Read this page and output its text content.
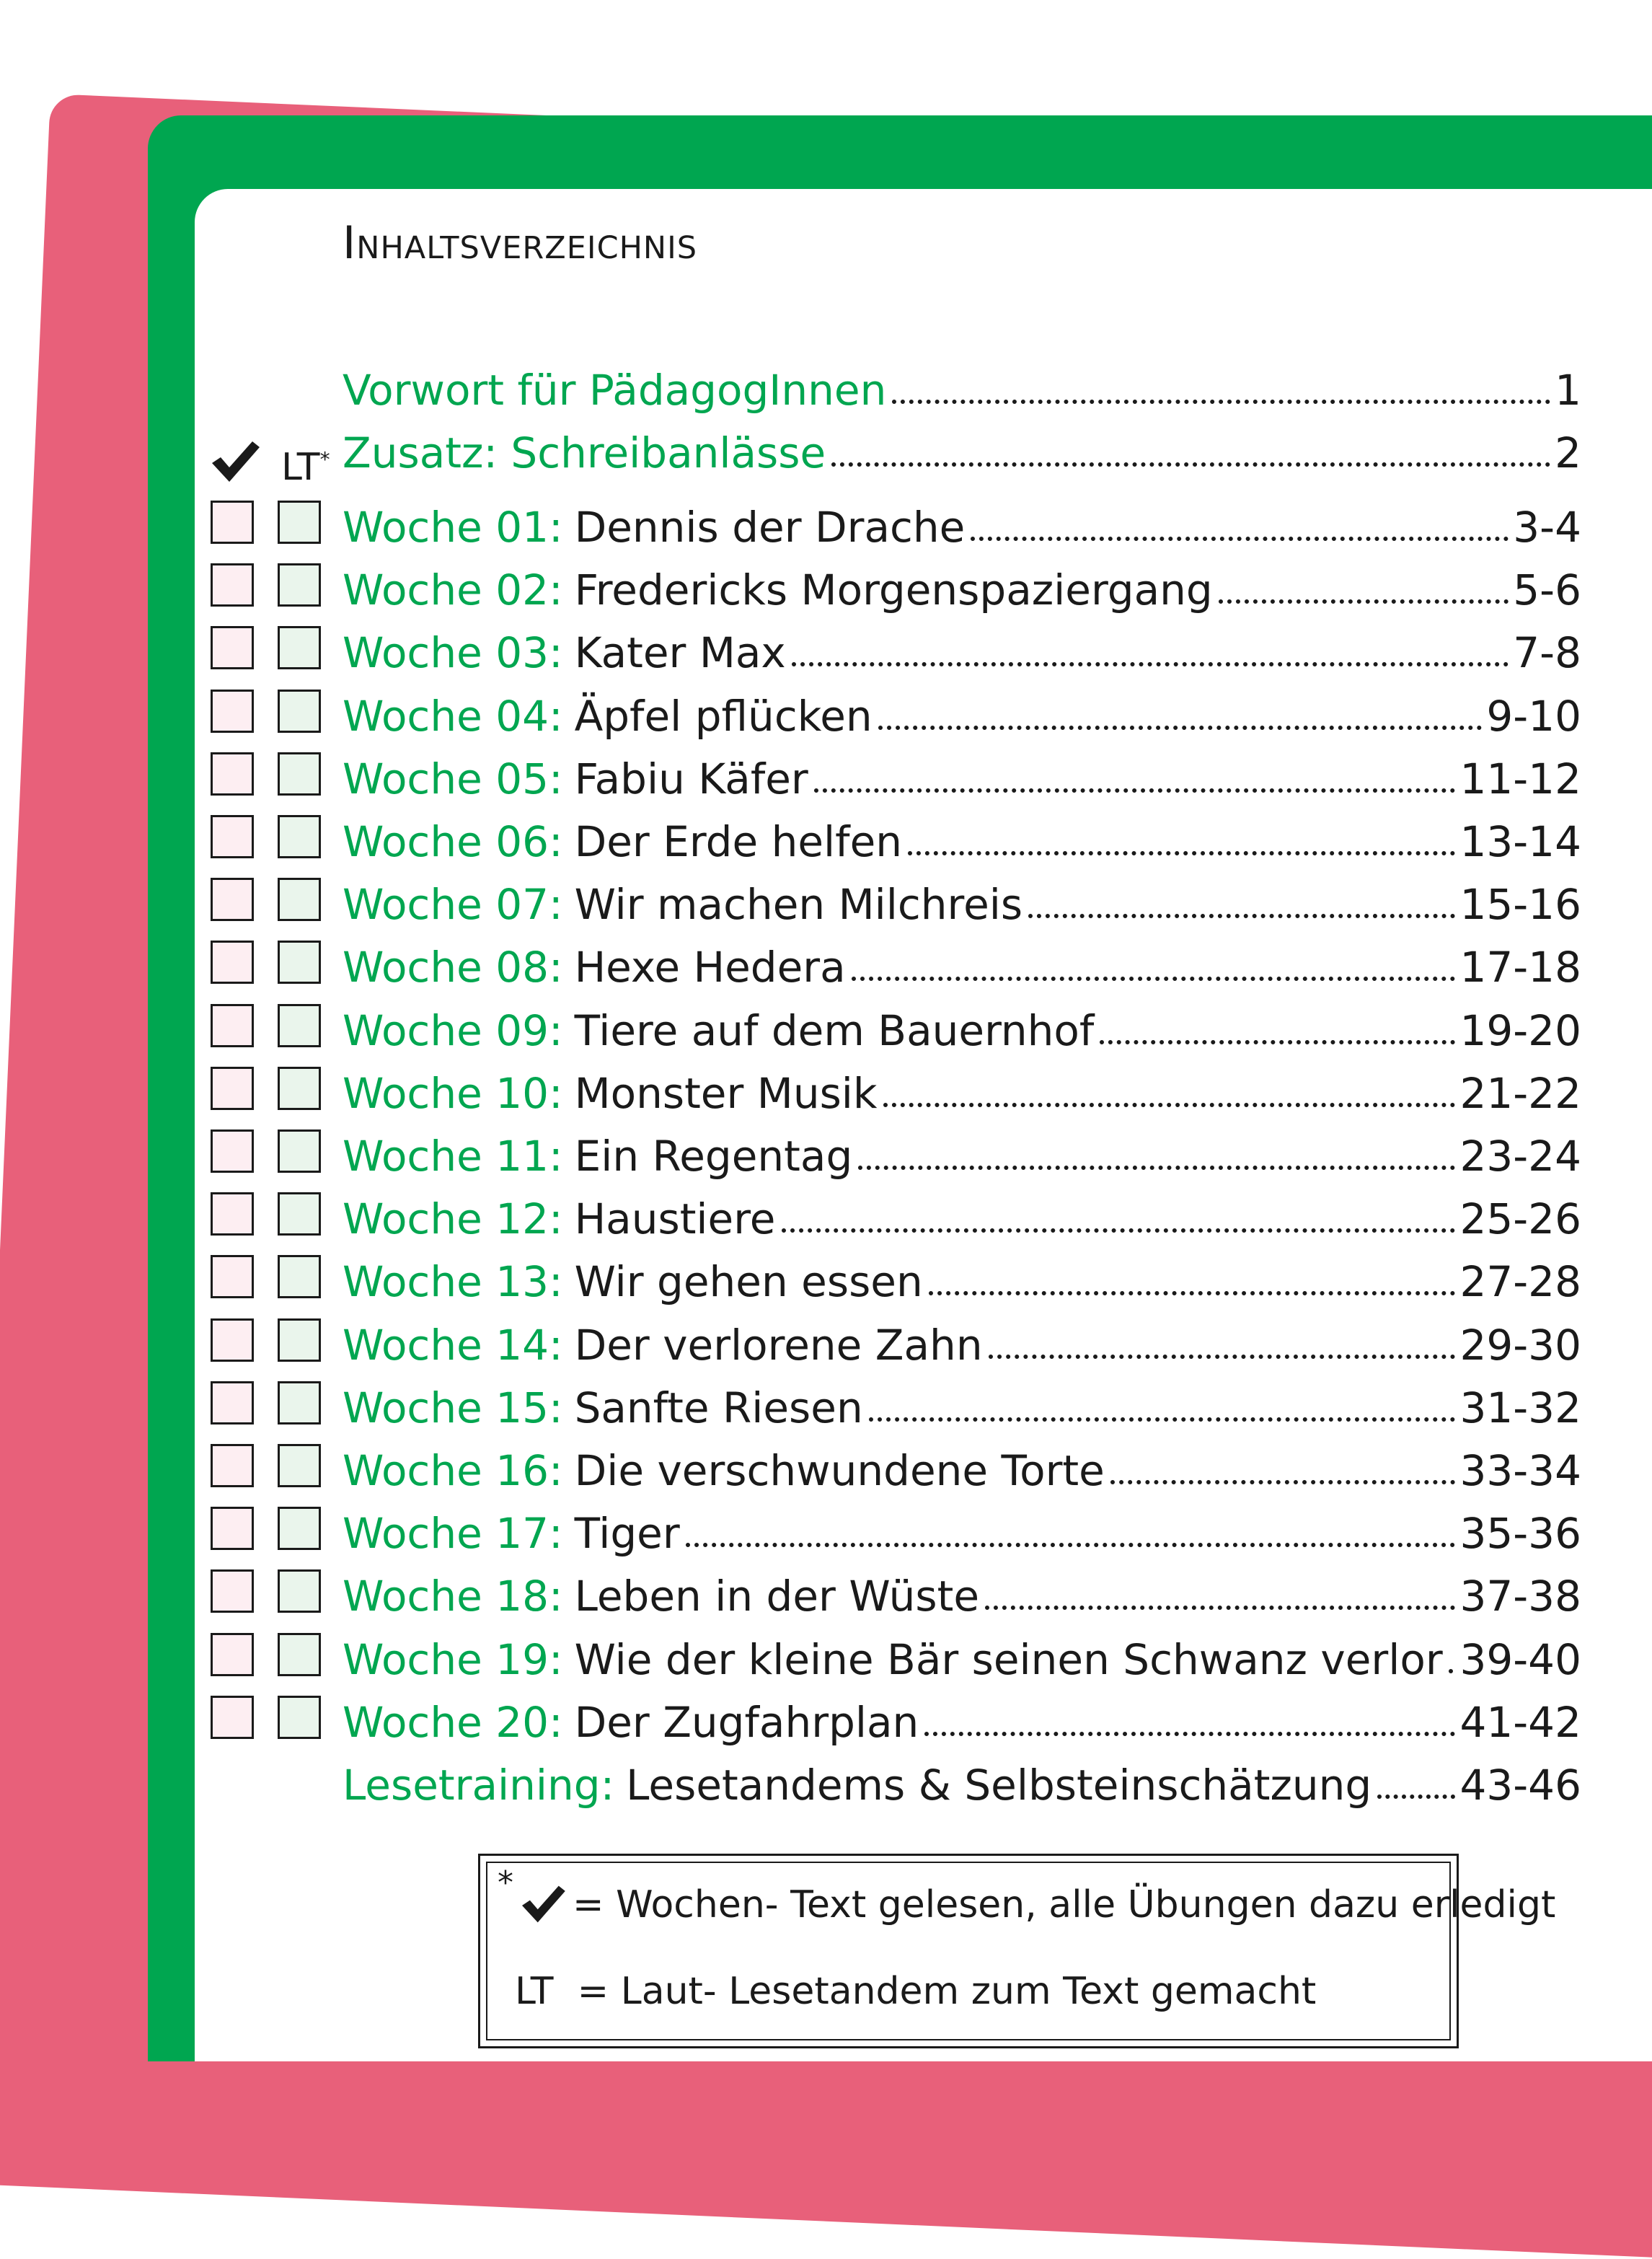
Inhaltsverzeichnis
LT*
Vorwort für PädagogInnen	1
Zusatz: Schreibanlässe	2
Woche 01: Dennis der Drache	3-4
Woche 02: Fredericks Morgenspaziergang	5-6
Woche 03: Kater Max	7-8
Woche 04: Äpfel pflücken	9-10
Woche 05: Fabiu Käfer	11-12
Woche 06: Der Erde helfen	13-14
Woche 07: Wir machen Milchreis	15-16
Woche 08: Hexe Hedera	17-18
Woche 09: Tiere auf dem Bauernhof	19-20
Woche 10: Monster Musik	21-22
Woche 11: Ein Regentag	23-24
Woche 12: Haustiere	25-26
Woche 13: Wir gehen essen	27-28
Woche 14: Der verlorene Zahn	29-30
Woche 15: Sanfte Riesen	31-32
Woche 16: Die verschwundene Torte	33-34
Woche 17: Tiger	35-36
Woche 18: Leben in der Wüste	37-38
Woche 19: Wie der kleine Bär seinen Schwanz verlor 39-40
Woche 20: Der Zugfahrplan	41-42
Lesetraining: Lesetandems & Selbsteinschätzung 43-46
*
= Wochen- Text gelesen, alle Übungen dazu erledigt
LT  = Laut- Lesetandem zum Text gemacht
